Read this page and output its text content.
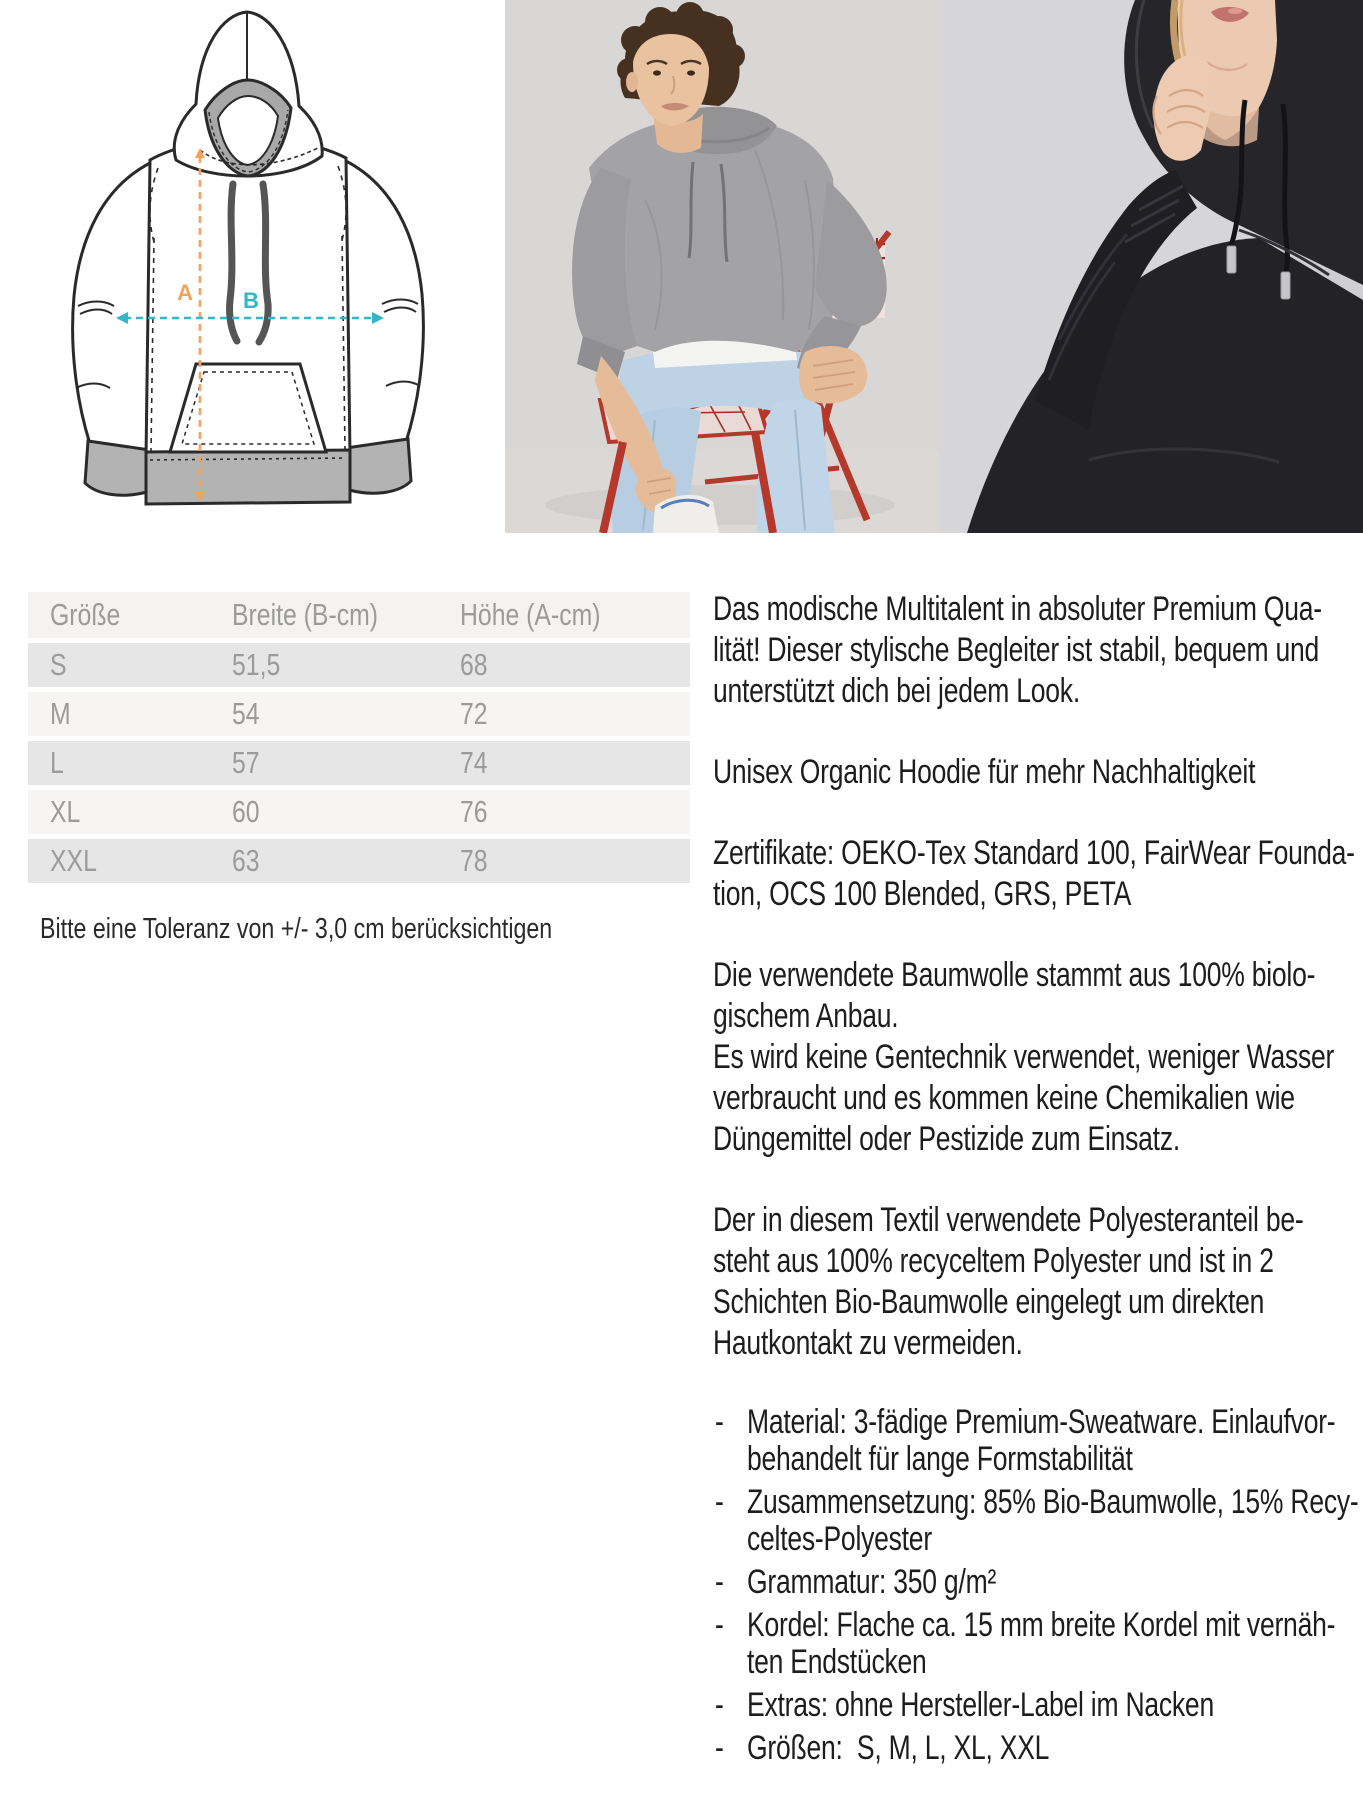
A B
Größe	Breite (B-cm)	Höhe (A-cm)
S	51,5	68
M	54	72
L	57	74
XL	60	76
XXL	63	78
Bitte eine Toleranz von +/- 3,0 cm berücksichtigen
Das modische Multitalent in absoluter Premium Qua-
lität! Dieser stylische Begleiter ist stabil, bequem und
unterstützt dich bei jedem Look.
Unisex Organic Hoodie für mehr Nachhaltigkeit
Zertifikate: OEKO-Tex Standard 100, FairWear Founda-
tion, OCS 100 Blended, GRS, PETA
Die verwendete Baumwolle stammt aus 100% biolo-
gischem Anbau.
Es wird keine Gentechnik verwendet, weniger Wasser
verbraucht und es kommen keine Chemikalien wie
Düngemittel oder Pestizide zum Einsatz.
Der in diesem Textil verwendete Polyesteranteil be-
steht aus 100% recyceltem Polyester und ist in 2
Schichten Bio-Baumwolle eingelegt um direkten
Hautkontakt zu vermeiden.
- Material: 3-fädige Premium-Sweatware. Einlaufvor-
behandelt für lange Formstabilität
- Zusammensetzung: 85% Bio-Baumwolle, 15% Recy-
celtes-Polyester
- Grammatur: 350 g/m²
- Kordel: Flache ca. 15 mm breite Kordel mit vernäh-
ten Endstücken
- Extras: ohne Hersteller-Label im Nacken
- Größen:  S, M, L, XL, XXL
